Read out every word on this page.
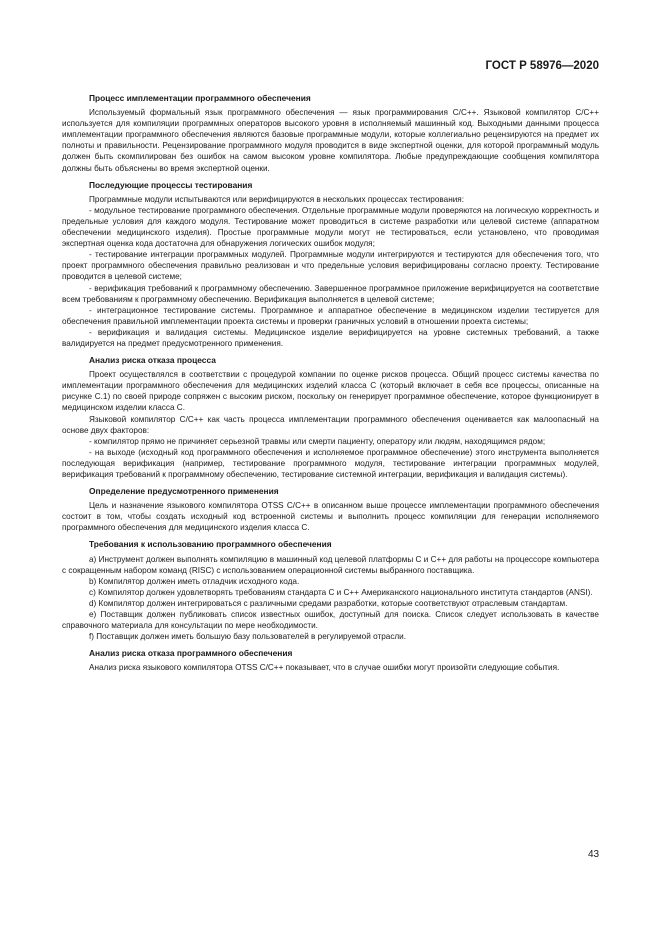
ГОСТ Р 58976—2020
Процесс имплементации программного обеспечения

Используемый формальный язык программного обеспечения — язык программирования C/C++. Языковой компилятор C/C++ используется для компиляции программных операторов высокого уровня в исполняемый машинный код. Выходными данными процесса имплементации программного обеспечения являются базовые программные модули, которые коллегиально рецензируются на предмет их полноты и правильности. Рецензирование программного модуля проводится в виде экспертной оценки, для которой программный модуль должен быть скомпилирован без ошибок на самом высоком уровне компилятора. Любые предупреждающие сообщения компилятора должны быть объяснены во время экспертной оценки.

Последующие процессы тестирования

Программные модули испытываются или верифицируются в нескольких процессах тестирования:

- модульное тестирование программного обеспечения. Отдельные программные модули проверяются на логическую корректность и предельные условия для каждого модуля. Тестирование может проводиться в системе разработки или целевой системе (аппаратном обеспечении медицинского изделия). Простые программные модули могут не тестироваться, если установлено, что проводимая экспертная оценка кода достаточна для обнаружения логических ошибок модуля;

- тестирование интеграции программных модулей. Программные модули интегрируются и тестируются для обеспечения того, что проект программного обеспечения правильно реализован и что предельные условия верифицированы согласно проекту. Тестирование проводится в целевой системе;

- верификация требований к программному обеспечению. Завершенное программное приложение верифицируется на соответствие всем требованиям к программному обеспечению. Верификация выполняется в целевой системе;

- интеграционное тестирование системы. Программное и аппаратное обеспечение в медицинском изделии тестируется для обеспечения правильной имплементации проекта системы и проверки граничных условий в отношении проекта системы;

- верификация и валидация системы. Медицинское изделие верифицируется на уровне системных требований, а также валидируется на предмет предусмотренного применения.

Анализ риска отказа процесса

Проект осуществлялся в соответствии с процедурой компании по оценке рисков процесса. Общий процесс системы качества по имплементации программного обеспечения для медицинских изделий класса C (который включает в себя все процессы, описанные на рисунке С.1) по своей природе сопряжен с высоким риском, поскольку он генерирует программное обеспечение, которое функционирует в медицинском изделии класса C.

Языковой компилятор C/C++ как часть процесса имплементации программного обеспечения оценивается как малоопасный на основе двух факторов:

- компилятор прямо не причиняет серьезной травмы или смерти пациенту, оператору или людям, находящимся рядом;

- на выходе (исходный код программного обеспечения и исполняемое программное обеспечение) этого инструмента выполняется последующая верификация (например, тестирование программного модуля, тестирование интеграции программных модулей, верификация требований к программному обеспечению, тестирование системной интеграции, верификация и валидация системы).

Определение предусмотренного применения

Цель и назначение языкового компилятора OTSS C/C++ в описанном выше процессе имплементации программного обеспечения состоит в том, чтобы создать исходный код встроенной системы и выполнить процесс компиляции для генерации исполняемого программного обеспечения для медицинского изделия класса C.

Требования к использованию программного обеспечения

a) Инструмент должен выполнять компиляцию в машинный код целевой платформы C и C++ для работы на процессоре компьютера с сокращенным набором команд (RISC) с использованием операционной системы выбранного поставщика.

b) Компилятор должен иметь отладчик исходного кода.

c) Компилятор должен удовлетворять требованиям стандарта C и C++ Американского национального института стандартов (ANSI).

d) Компилятор должен интегрироваться с различными средами разработки, которые соответствуют отраслевым стандартам.

e) Поставщик должен публиковать список известных ошибок, доступный для поиска. Список следует использовать в качестве справочного материала для консультации по мере необходимости.

f) Поставщик должен иметь большую базу пользователей в регулируемой отрасли.

Анализ риска отказа программного обеспечения

Анализ риска языкового компилятора OTSS C/C++ показывает, что в случае ошибки могут произойти следующие события.

43
